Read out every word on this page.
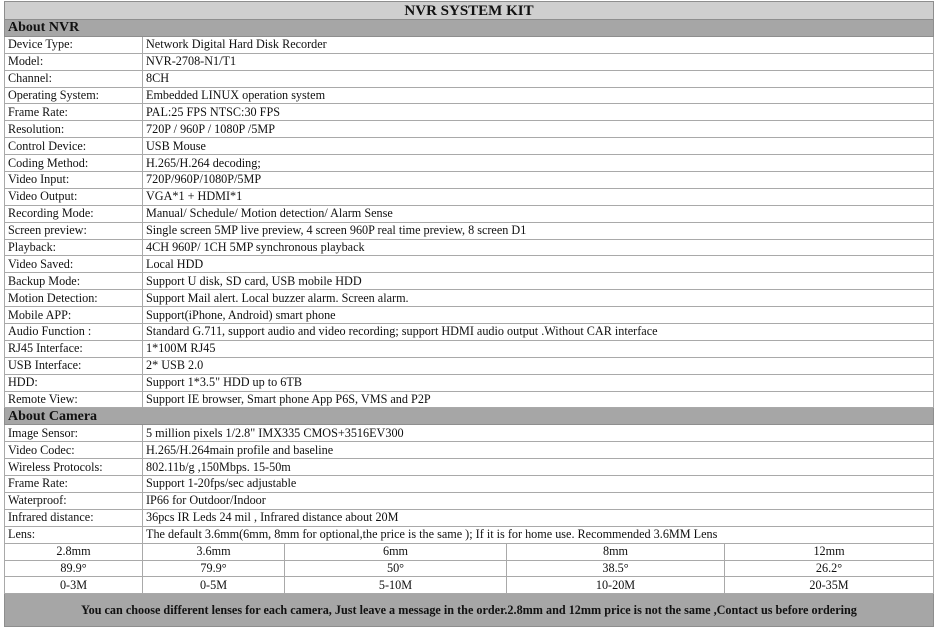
NVR SYSTEM KIT				
About NVR				
Device Type:	Network Digital Hard Disk Recorder			
Model:	NVR-2708-N1/T1			
Channel:	8CH			
Operating System:	Embedded LINUX operation system			
Frame Rate:	PAL:25 FPS NTSC:30 FPS			
Resolution:	720P / 960P / 1080P /5MP			
Control Device:	USB Mouse			
Coding Method:	H.265/H.264 decoding;			
Video Input:	720P/960P/1080P/5MP			
Video Output:	VGA*1 + HDMI*1			
Recording Mode:	Manual/ Schedule/ Motion detection/ Alarm Sense			
Screen preview:	Single screen 5MP live preview, 4 screen 960P real time preview, 8 screen D1			
Playback:	4CH 960P/ 1CH 5MP synchronous playback			
Video Saved:	Local HDD			
Backup Mode:	Support U disk, SD card, USB mobile HDD			
Motion Detection:	Support Mail alert. Local buzzer alarm. Screen alarm.			
Mobile APP:	Support(iPhone, Android) smart phone			
Audio Function :	Standard G.711, support audio and video recording; support HDMI audio output .Without CAR interface			
RJ45 Interface:	1*100M RJ45			
USB Interface:	2* USB 2.0			
HDD:	Support 1*3.5" HDD up to 6TB			
Remote View:	Support IE browser, Smart phone App P6S, VMS and P2P			
About Camera				
Image Sensor:	5 million pixels 1/2.8" IMX335 CMOS+3516EV300			
Video Codec:	H.265/H.264main profile and baseline			
Wireless Protocols:	802.11b/g ,150Mbps. 15-50m			
Frame Rate:	Support 1-20fps/sec adjustable			
Waterproof:	IP66 for Outdoor/Indoor			
Infrared distance:	36pcs IR Leds 24 mil , Infrared distance about 20M			
Lens:	The default 3.6mm(6mm, 8mm for optional,the price is the same ); If it is for home use. Recommended 3.6MM Lens			
2.8mm	3.6mm	6mm	8mm	12mm
89.9°	79.9°	50°	38.5°	26.2°
0-3M	0-5M	5-10M	10-20M	20-35M
You can choose different lenses for each camera, Just leave a message in the order.2.8mm and 12mm price is not the same ,Contact us before ordering				
